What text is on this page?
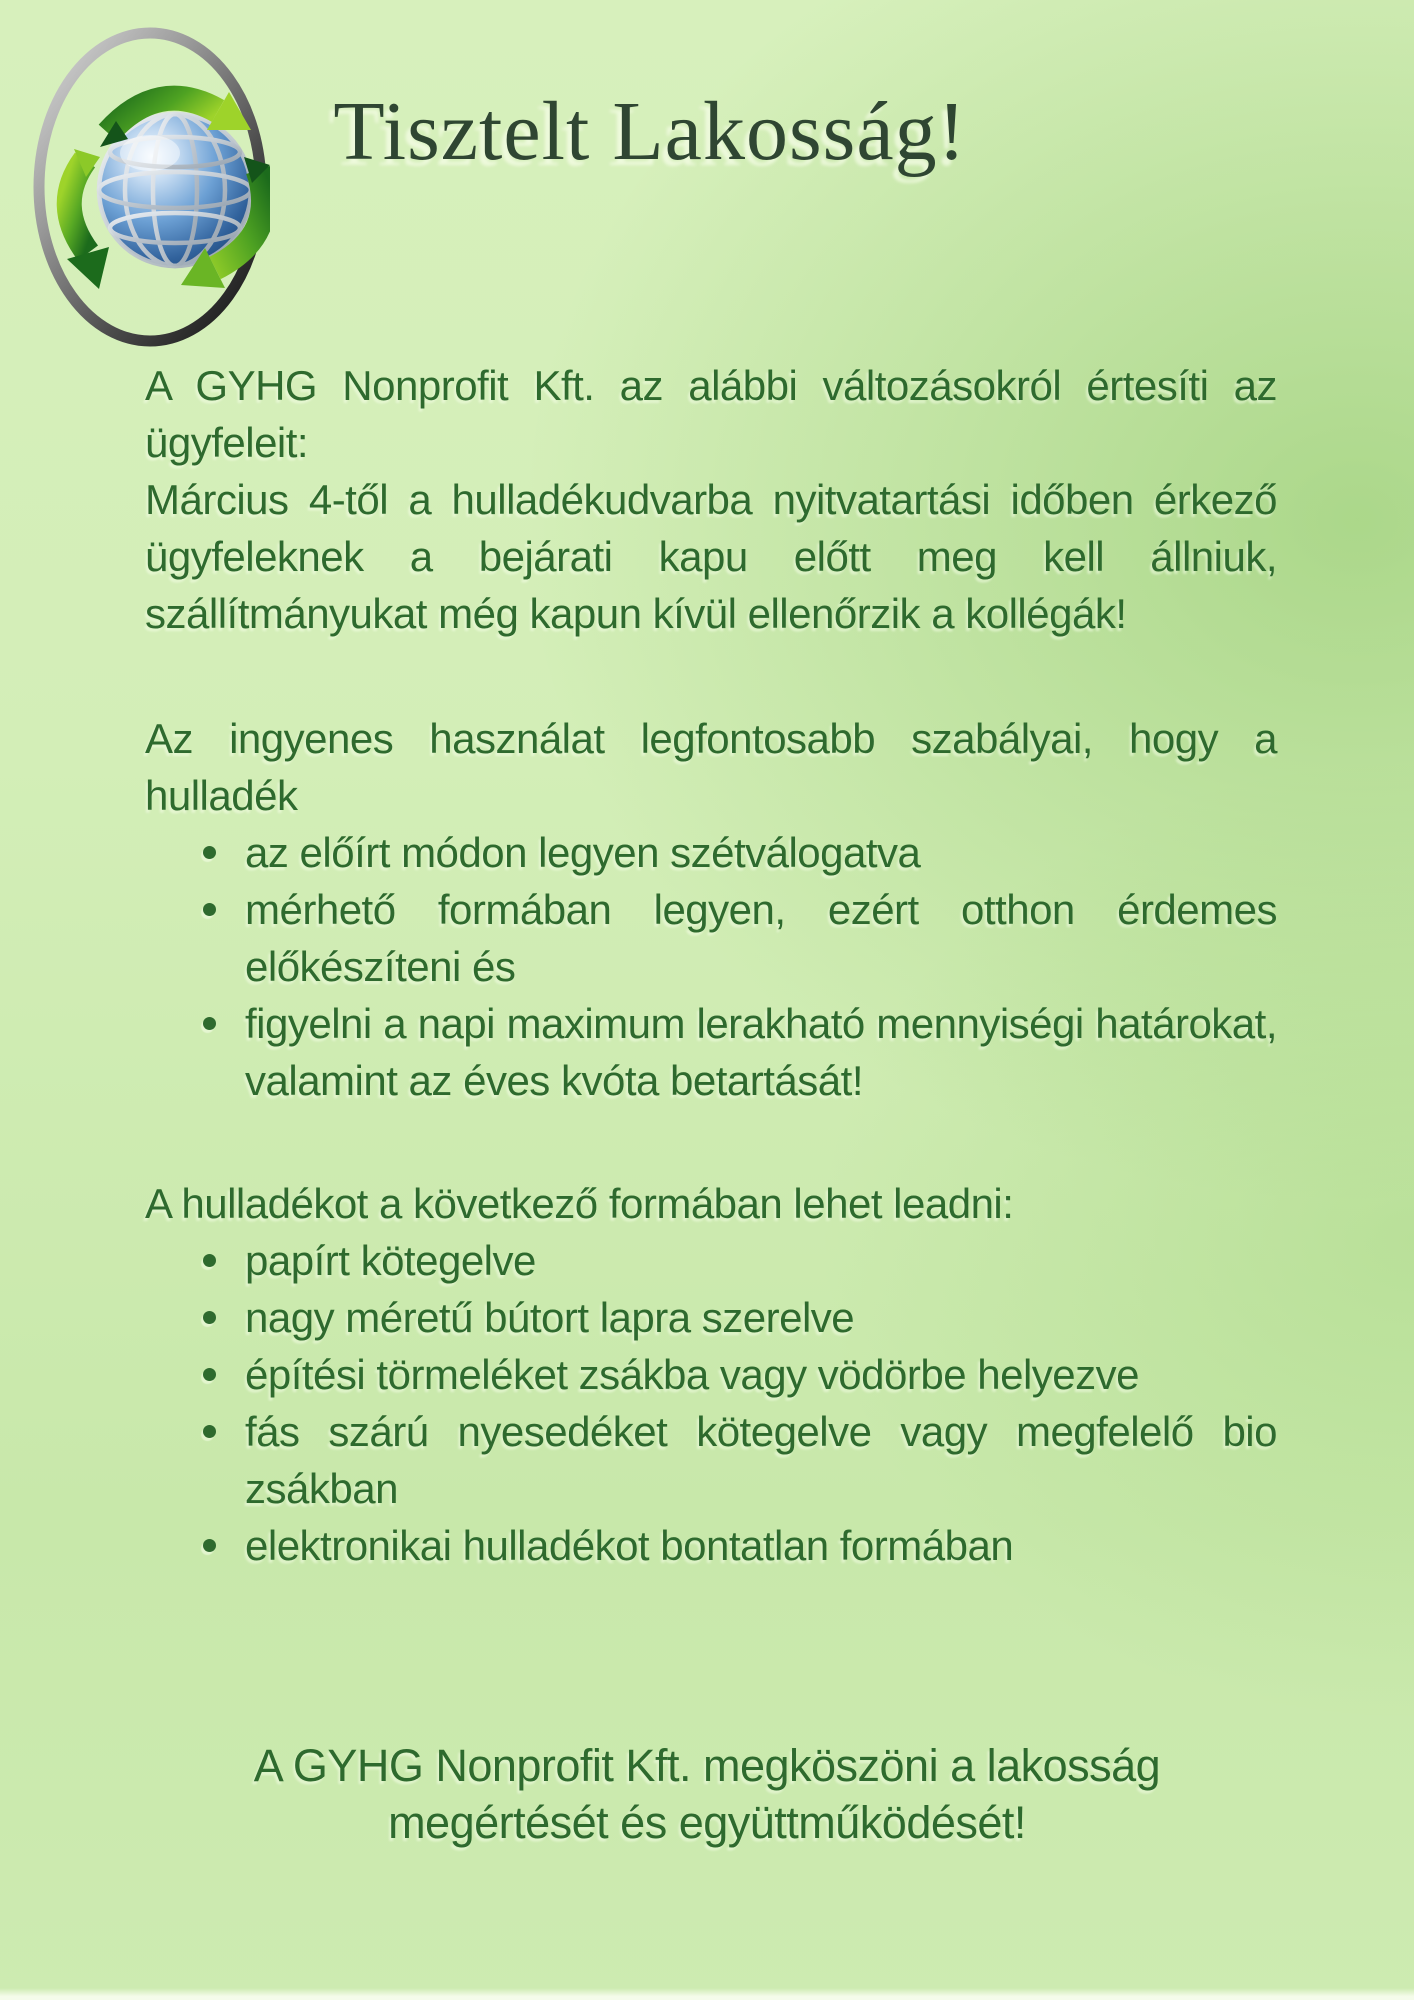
Tisztelt Lakosság!

A GYHG Nonprofit Kft. az alábbi változásokról értesíti az ügyfeleit:

Március 4-től a hulladékudvarba nyitvatartási időben érkező ügyfeleknek a bejárati kapu előtt meg kell állniuk, szállítmányukat még kapun kívül ellenőrzik a kollégák!

Az ingyenes használat legfontosabb szabályai, hogy a hulladék

az előírt módon legyen szétválogatva
mérhető formában legyen, ezért otthon érdemes előkészíteni és
figyelni a napi maximum lerakható mennyiségi határokat, valamint az éves kvóta betartását!

A hulladékot a következő formában lehet leadni:

papírt kötegelve
nagy méretű bútort lapra szerelve
építési törmeléket zsákba vagy vödörbe helyezve
fás szárú nyesedéket kötegelve vagy megfelelő bio zsákban
elektronikai hulladékot bontatlan formában

A GYHG Nonprofit Kft. megköszöni a lakosság megértését és együttműködését!
